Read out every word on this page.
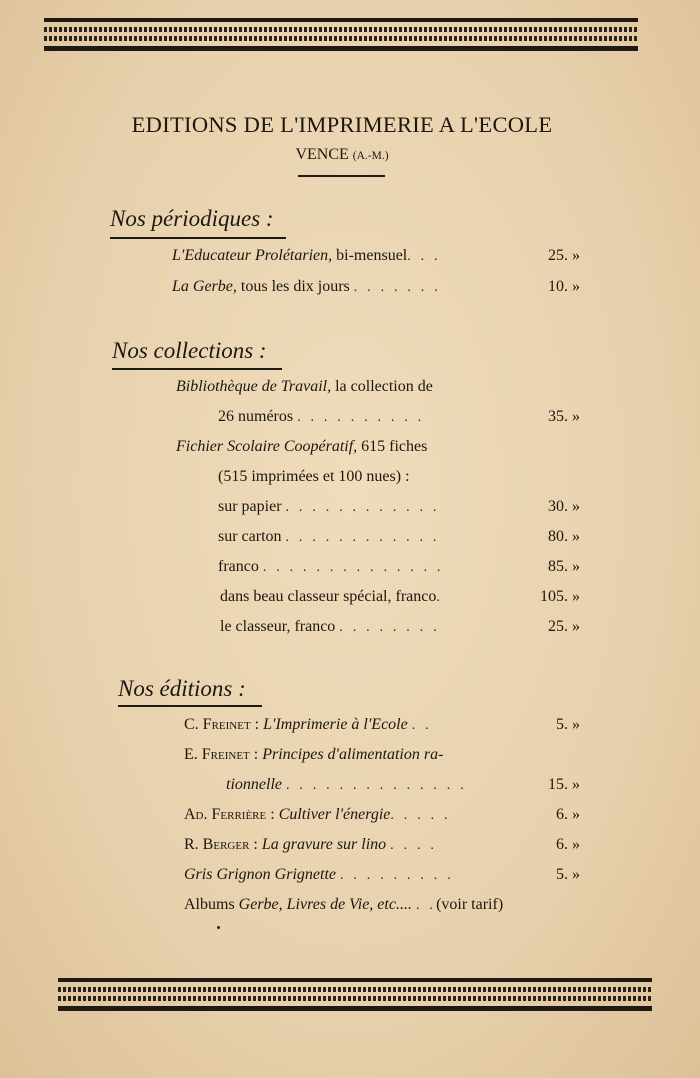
EDITIONS DE L'IMPRIMERIE A L'ECOLE
VENCE (A.-M.)
Nos périodiques :
L'Educateur Prolétarien, bi-mensuel. . .	25. »
La Gerbe, tous les dix jours . . . . . . .	10. »
Nos collections :
Bibliothèque de Travail, la collection de
26 numéros . . . . . . . . . .	35. »
Fichier Scolaire Coopératif, 615 fiches
(515 imprimées et 100 nues) :
sur papier . . . . . . . . . . . .	30. »
sur carton . . . . . . . . . . . .	80. »
franco . . . . . . . . . . . . . .	85. »
dans beau classeur spécial, franco.	105. »
le classeur, franco . . . . . . . .	25. »
Nos éditions :
C. Freinet : L'Imprimerie à l'Ecole . .	5. »
E. Freinet : Principes d'alimentation ra-
tionnelle . . . . . . . . . . . . . .	15. »
Ad. Ferrière : Cultiver l'énergie. . . . .	6. »
R. Berger : La gravure sur lino . . . .	6. »
Gris Grignon Grignette . . . . . . . . .	5. »
Albums Gerbe, Livres de Vie, etc.... . .(voir tarif)
